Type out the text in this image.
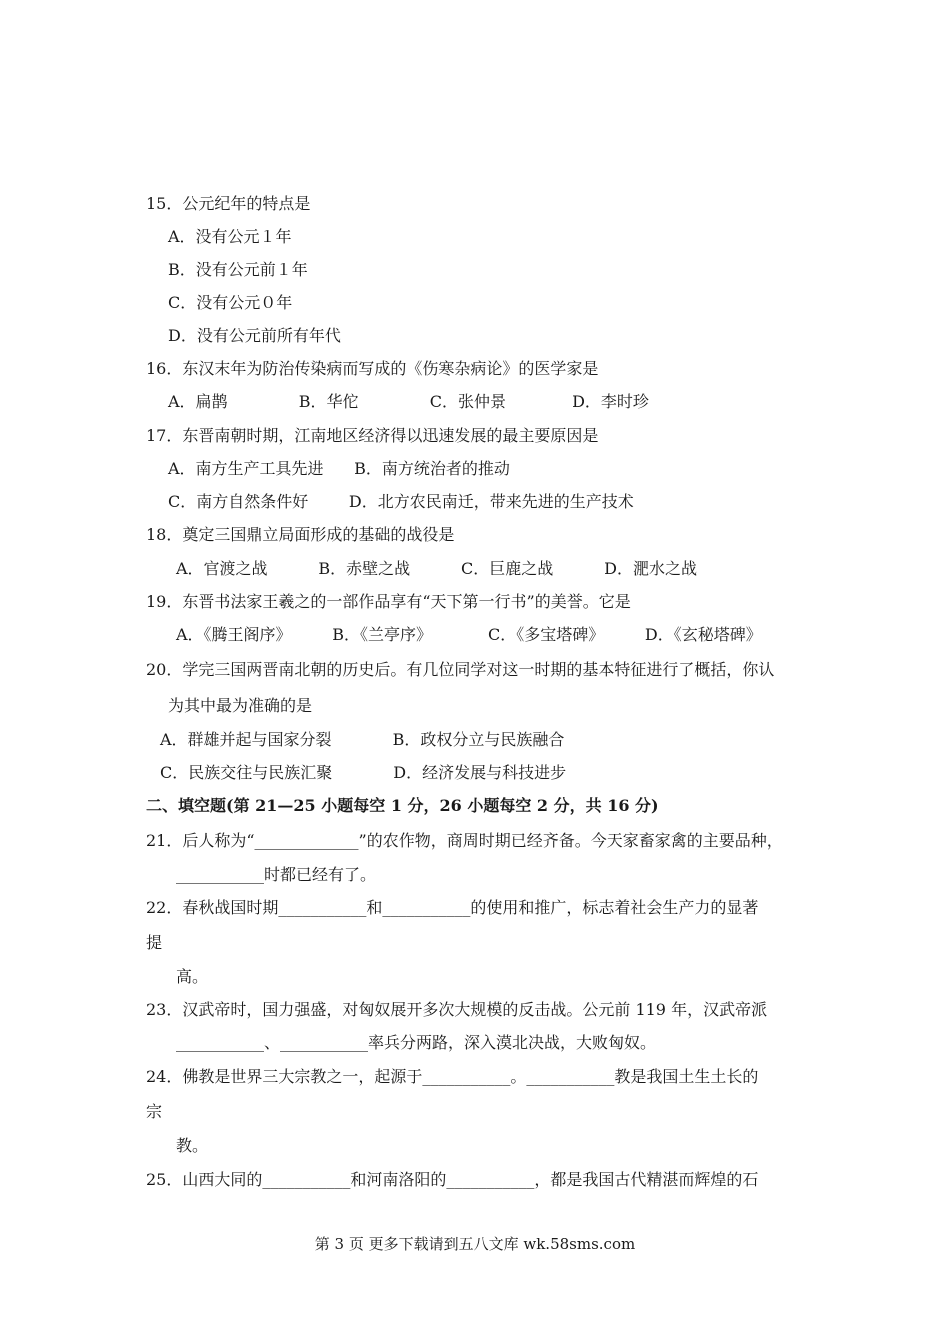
15．公元纪年的特点是
A．没有公元１年
B．没有公元前１年
C．没有公元０年
D．没有公元前所有年代
16．东汉末年为防治传染病而写成的《伤寒杂病论》的医学家是
A．扁鹊              B．华佗              C．张仲景             D．李时珍
17．东晋南朝时期，江南地区经济得以迅速发展的最主要原因是
A．南方生产工具先进      B．南方统治者的推动
C．南方自然条件好        D．北方农民南迁，带来先进的生产技术
18．奠定三国鼎立局面形成的基础的战役是
A．官渡之战          B．赤壁之战          C．巨鹿之战          D．淝水之战
19．东晋书法家王羲之的一部作品享有“天下第一行书”的美誉。它是
A．《腾王阁序》        B．《兰亭序》           C．《多宝塔碑》        D．《玄秘塔碑》
20．学完三国两晋南北朝的历史后。有几位同学对这一时期的基本特征进行了概括，你认
为其中最为准确的是
A．群雄并起与国家分裂            B．政权分立与民族融合
C．民族交往与民族汇聚            D．经济发展与科技进步
二、填空题(第 21—25 小题每空 1 分，26 小题每空 2 分，共 16 分)
21．后人称为“_____________”的农作物，商周时期已经齐备。今天家畜家禽的主要品种，
___________时都已经有了。
22．春秋战国时期___________和___________的使用和推广，标志着社会生产力的显著
提
高。
23．汉武帝时，国力强盛，对匈奴展开多次大规模的反击战。公元前 119 年，汉武帝派
___________、___________率兵分两路，深入漠北决战，大败匈奴。
24．佛教是世界三大宗教之一，起源于___________。___________教是我国土生土长的
宗
教。
25．山西大同的___________和河南洛阳的___________，都是我国古代精湛而辉煌的石
第 3 页 更多下载请到五八文库 wk.58sms.com
